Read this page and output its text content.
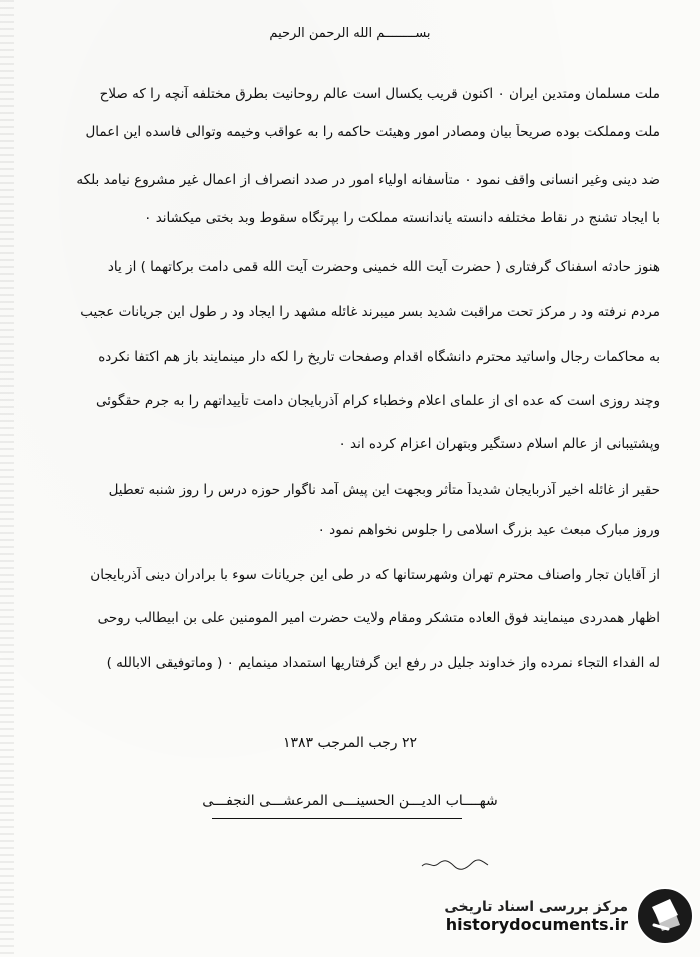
بســــــــم الله الرحمن الرحيم
ملت مسلمان ومتدین ایران ۰ اکنون قریب یکسال است عالم روحانیت بطرق مختلفه آنچه را که صلاح
ملت ومملکت بوده صریحاً بیان ومصادر امور وهیئت حاکمه را به عواقب وخیمه وتوالی فاسده این اعمال
ضد دینی وغیر انسانی واقف نمود ۰ متأسفانه اولیاء امور در صدد انصراف از اعمال غیر مشروع نیامد بلکه
با ایجاد تشنج در نقاط مختلفه دانسته یاندانسته مملکت را بپرتگاه سقوط وبد بختی میکشاند ۰
هنوز حادثه اسفناک گرفتاری ( حضرت آیت الله خمینی وحضرت آیت الله قمی دامت برکاتهما ) از یاد
مردم نرفته ود ر مرکز تحت مراقبت شدید بسر میبرند غائله مشهد را ایجاد ود ر طول این جریانات عجیب
به محاکمات رجال واساتید محترم دانشگاه اقدام وصفحات تاریخ را لکه دار مینمایند باز هم اکتفا نکرده
وچند روزی است که عده ای از علمای اعلام وخطباء کرام آذربایجان دامت تأییداتهم را به جرم حقگوئی
وپشتیبانی از عالم اسلام دستگیر وبتهران اعزام کرده اند ۰
حقیر از غائله اخیر آذربایجان شدیداً متأثر وبجهت این پیش آمد ناگوار حوزه درس را روز شنبه تعطیل
وروز مبارک مبعث عید بزرگ اسلامی را جلوس نخواهم نمود ۰
از آقایان تجار واصناف محترم تهران وشهرستانها که در طی این جریانات سوء با برادران دینی آذربایجان
اظهار همدردی مینمایند فوق العاده متشکر ومقام ولایت حضرت امیر المومنین علی بن ابیطالب روحی
له الفداء التجاء نمرده واز خداوند جلیل در رفع این گرفتاریها استمداد مینمایم ۰ ( وماتوفیقی الابالله )
۲۲ رجب المرجب ۱۳۸۳
شهــــاب الدیـــن الحسینـــی المرعشـــی النجفـــی
مرکز بررسی اسناد تاریخی
historydocuments.ir
